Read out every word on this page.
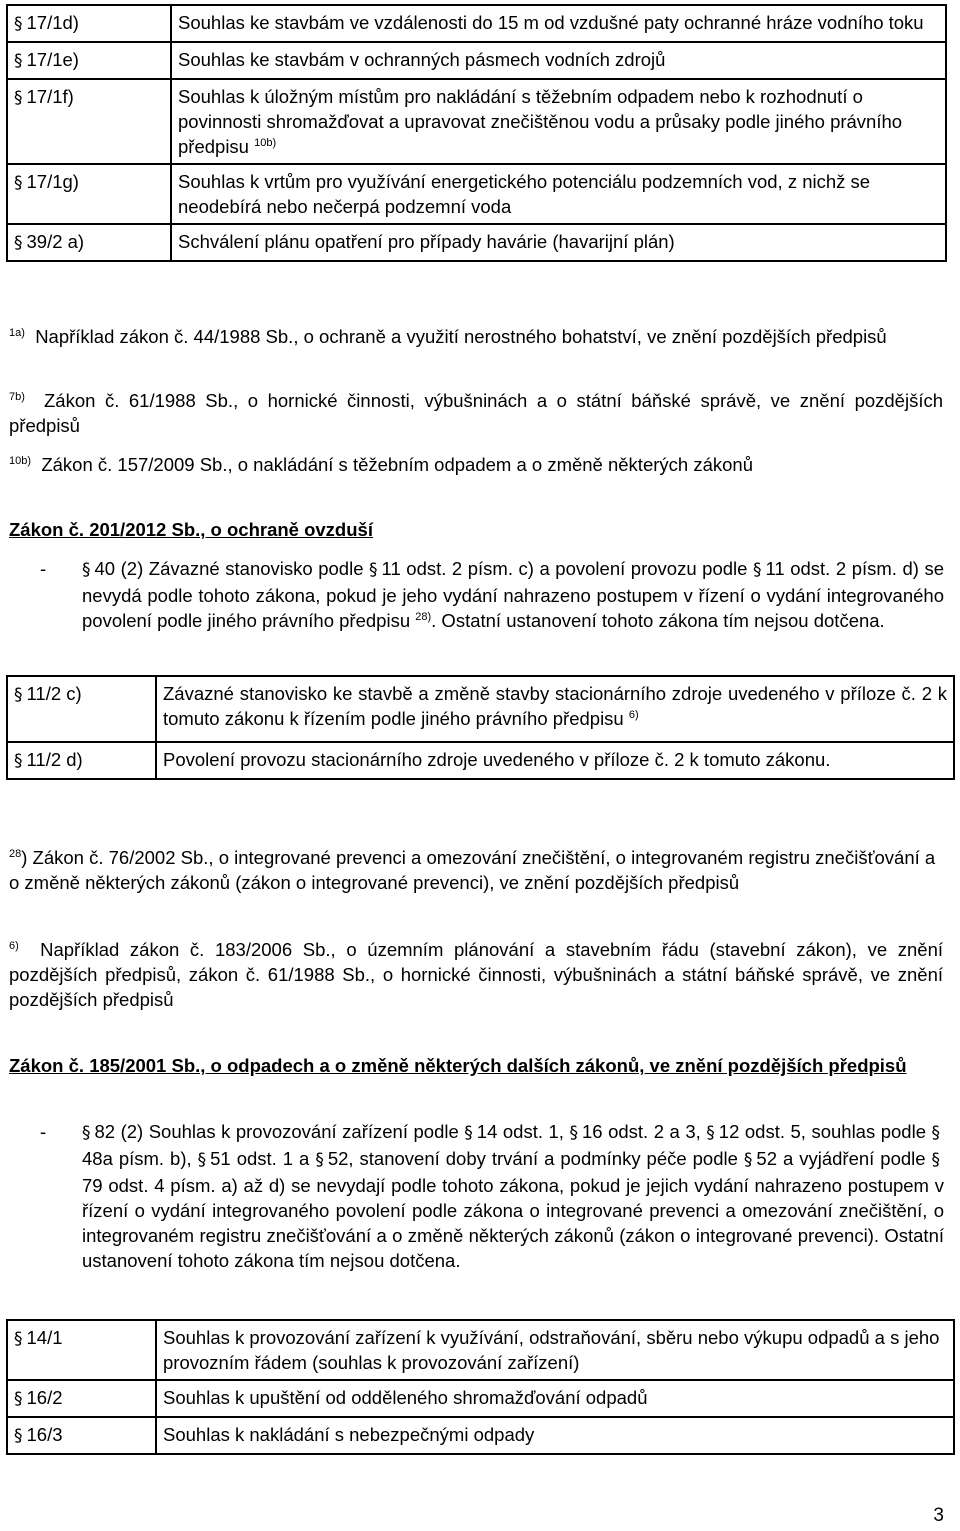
§ 17/1d)	Souhlas ke stavbám ve vzdálenosti do 15 m od vzdušné paty ochranné hráze vodního toku
§ 17/1e)	Souhlas ke stavbám v ochranných pásmech vodních zdrojů
§ 17/1f)	Souhlas k úložným místům pro nakládání s těžebním odpadem nebo k rozhodnutí o povinnosti shromažďovat a upravovat znečištěnou vodu a průsaky podle jiného právního předpisu $^{10b)}$
§ 17/1g)	Souhlas k vrtům pro využívání energetického potenciálu podzemních vod, z nichž se neodebírá nebo nečerpá podzemní voda
§ 39/2 a)	Schválení plánu opatření pro případy havárie (havarijní plán)
$^{1a)}$ Například zákon č. 44/1988 Sb., o ochraně a využití nerostného bohatství, ve znění pozdějších předpisů
$^{7b)}$ Zákon č. 61/1988 Sb., o hornické činnosti, výbušninách a o státní báňské správě, ve znění pozdějších předpisů
$^{10b)}$ Zákon č. 157/2009 Sb., o nakládání s těžebním odpadem a o změně některých zákonů
Zákon č. 201/2012 Sb., o ochraně ovzduší
- § 40 (2) Závazné stanovisko podle § 11 odst. 2 písm. c) a povolení provozu podle § 11 odst. 2 písm. d) se nevydá podle tohoto zákona, pokud je jeho vydání nahrazeno postupem v řízení o vydání integrovaného povolení podle jiného právního předpisu $^{28)}$. Ostatní ustanovení tohoto zákona tím nejsou dotčena.
§ 11/2 c)	Závazné stanovisko ke stavbě a změně stavby stacionárního zdroje uvedeného v příloze č. 2 k tomuto zákonu k řízením podle jiného právního předpisu $^{6)}$
§ 11/2 d)	Povolení provozu stacionárního zdroje uvedeného v příloze č. 2 k tomuto zákonu.
$^{28}$) Zákon č. 76/2002 Sb., o integrované prevenci a omezování znečištění, o integrovaném registru znečišťování a o změně některých zákonů (zákon o integrované prevenci), ve znění pozdějších předpisů
$^{6)}$ Například zákon č. 183/2006 Sb., o územním plánování a stavebním řádu (stavební zákon), ve znění pozdějších předpisů, zákon č. 61/1988 Sb., o hornické činnosti, výbušninách a státní báňské správě, ve znění pozdějších předpisů
Zákon č. 185/2001 Sb., o odpadech a o změně některých dalších zákonů, ve znění pozdějších předpisů
- § 82 (2) Souhlas k provozování zařízení podle § 14 odst. 1, § 16 odst. 2 a 3, § 12 odst. 5, souhlas podle §48a písm. b), § 51 odst. 1 a § 52, stanovení doby trvání a podmínky péče podle § 52 a vyjádření podle §79 odst. 4 písm. a) až d) se nevydají podle tohoto zákona, pokud je jejich vydání nahrazeno postupem v řízení o vydání integrovaného povolení podle zákona o integrované prevenci a omezování znečištění, o integrovaném registru znečišťování a o změně některých zákonů (zákon o integrované prevenci). Ostatní ustanovení tohoto zákona tím nejsou dotčena.
§ 14/1	Souhlas k provozování zařízení k využívání, odstraňování, sběru nebo výkupu odpadů a s jeho provozním řádem (souhlas k provozování zařízení)
§ 16/2	Souhlas k upuštění od odděleného shromažďování odpadů
§ 16/3	Souhlas k nakládání s nebezpečnými odpady
3
